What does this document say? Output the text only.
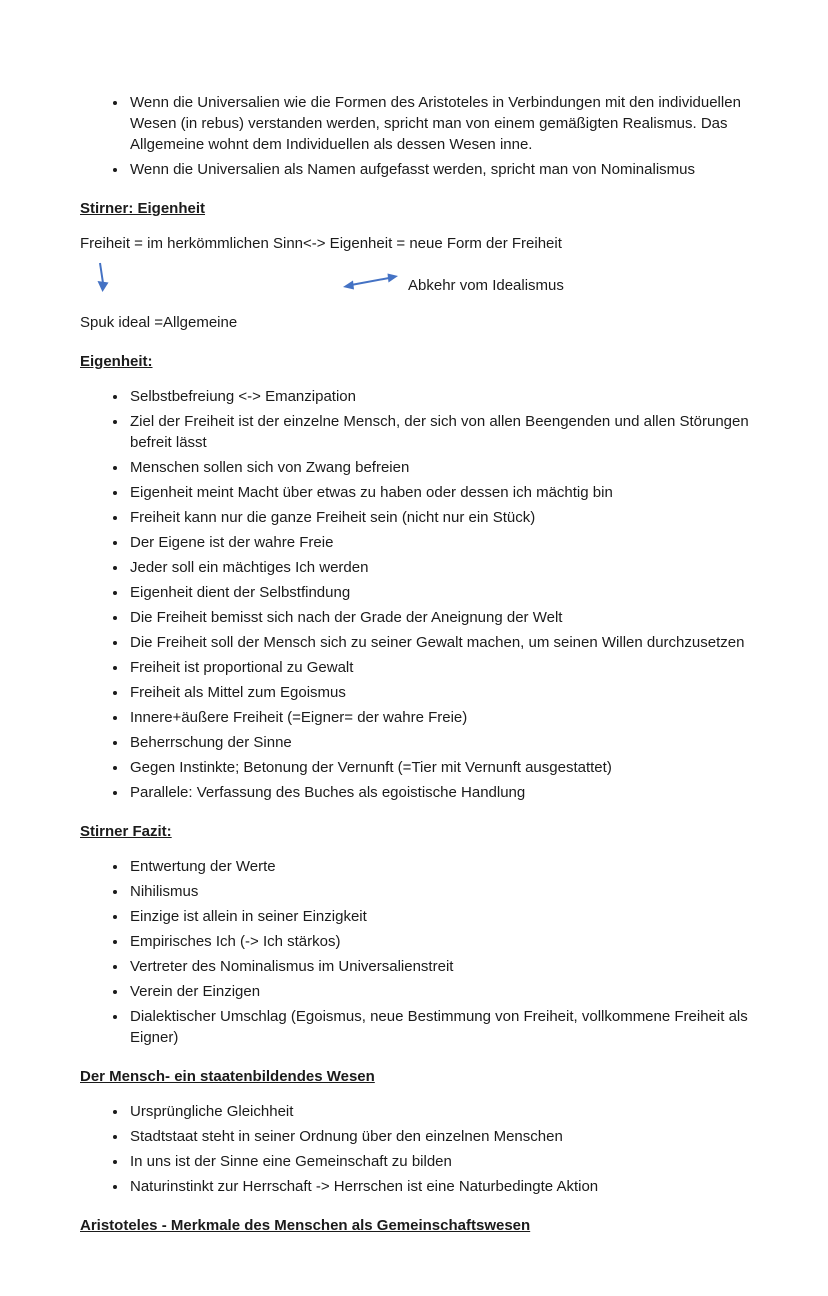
• Wenn die Universalien wie die Formen des Aristoteles in Verbindungen mit den individuellen Wesen (in rebus) verstanden werden, spricht man von einem gemäßigten Realismus. Das Allgemeine wohnt dem Individuellen als dessen Wesen inne.
• Wenn die Universalien als Namen aufgefasst werden, spricht man von Nominalismus
Stirner: Eigenheit
Freiheit = im herkömmlichen Sinn<-> Eigenheit = neue Form der Freiheit
Abkehr vom Idealismus
Spuk ideal =Allgemeine
Eigenheit:
• Selbstbefreiung <-> Emanzipation
• Ziel der Freiheit ist der einzelne Mensch, der sich von allen Beengenden und allen Störungen befreit lässt
• Menschen sollen sich von Zwang befreien
• Eigenheit meint Macht über etwas zu haben oder dessen ich mächtig bin
• Freiheit kann nur die ganze Freiheit sein (nicht nur ein Stück)
• Der Eigene ist der wahre Freie
• Jeder soll ein mächtiges Ich werden
• Eigenheit dient der Selbstfindung
• Die Freiheit bemisst sich nach der Grade der Aneignung der Welt
• Die Freiheit soll der Mensch sich zu seiner Gewalt machen, um seinen Willen durchzusetzen
• Freiheit ist proportional zu Gewalt
• Freiheit als Mittel zum Egoismus
• Innere+äußere Freiheit (=Eigner= der wahre Freie)
• Beherrschung der Sinne
• Gegen Instinkte; Betonung der Vernunft (=Tier mit Vernunft ausgestattet)
• Parallele: Verfassung des Buches als egoistische Handlung
Stirner Fazit:
• Entwertung der Werte
• Nihilismus
• Einzige ist allein in seiner Einzigkeit
• Empirisches Ich (-> Ich stärkos)
• Vertreter des Nominalismus im Universalienstreit
• Verein der Einzigen
• Dialektischer Umschlag (Egoismus, neue Bestimmung von Freiheit, vollkommene Freiheit als Eigner)
Der Mensch- ein staatenbildendes Wesen
• Ursprüngliche Gleichheit
• Stadtstaat steht in seiner Ordnung über den einzelnen Menschen
• In uns ist der Sinne eine Gemeinschaft zu bilden
• Naturinstinkt zur Herrschaft -> Herrschen ist eine Naturbedingte Aktion
Aristoteles - Merkmale des Menschen als Gemeinschaftswesen
